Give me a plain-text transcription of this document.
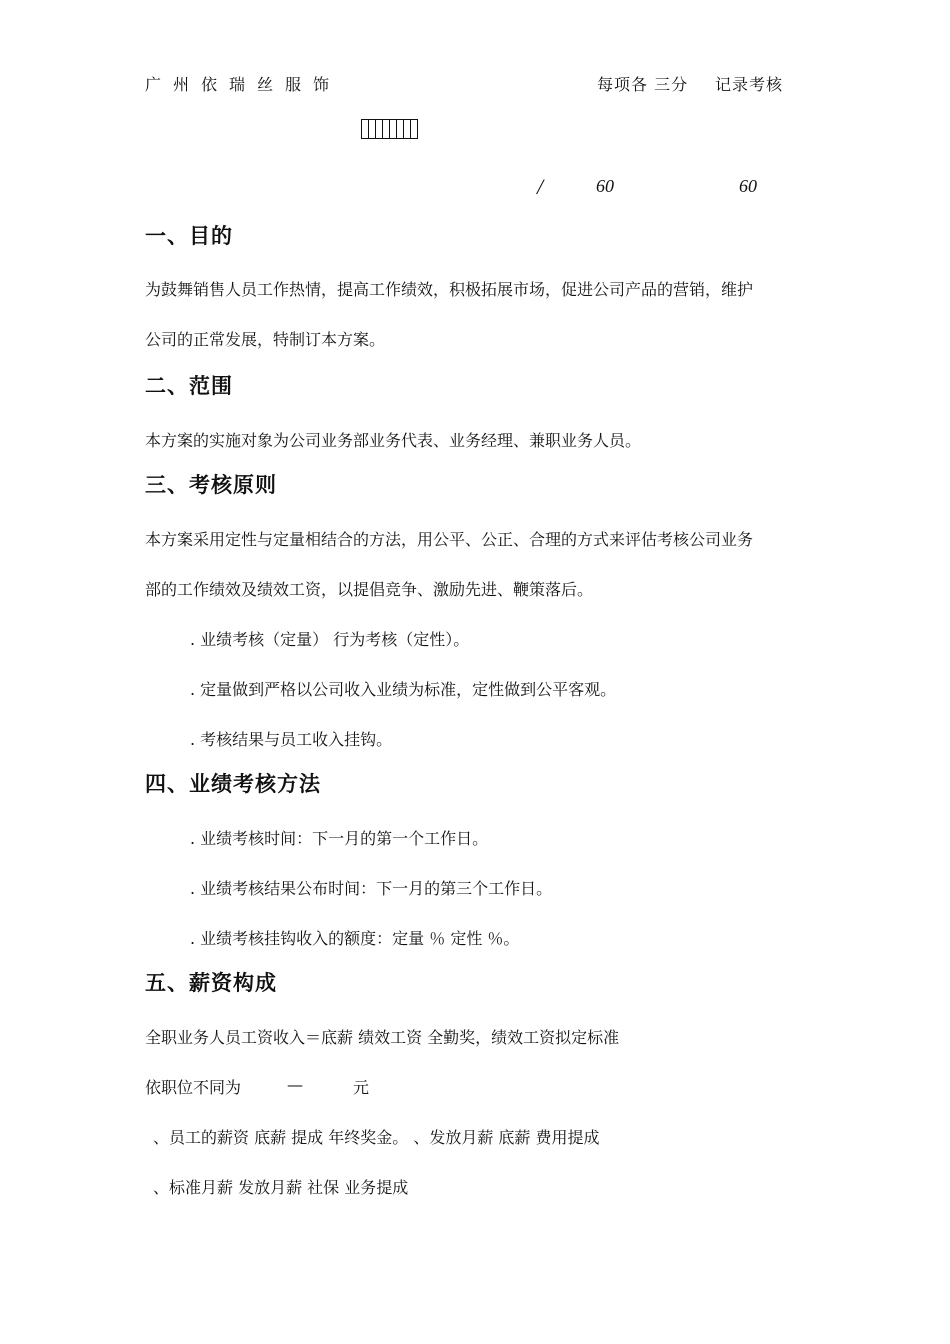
广州依瑞丝服饰	每项各 三分 记录考核
/	60	60
一、目的
为鼓舞销售人员工作热情，提高工作绩效，积极拓展市场，促进公司产品的营销，维护
公司的正常发展，特制订本方案。
二、范围
本方案的实施对象为公司业务部业务代表、业务经理、兼职业务人员。
三、考核原则
本方案采用定性与定量相结合的方法，用公平、公正、合理的方式来评估考核公司业务
部的工作绩效及绩效工资，以提倡竞争、激励先进、鞭策落后。
. 业绩考核（定量） 行为考核（定性）。
. 定量做到严格以公司收入业绩为标准，定性做到公平客观。
. 考核结果与员工收入挂钩。
四、业绩考核方法
. 业绩考核时间：下一月的第一个工作日。
. 业绩考核结果公布时间：下一月的第三个工作日。
. 业绩考核挂钩收入的额度：定量 ％ 定性 ％。
五、薪资构成
全职业务人员工资收入＝底薪 绩效工资 全勤奖，绩效工资拟定标准
依职位不同为	—	元
、员工的薪资 底薪 提成 年终奖金。 、发放月薪 底薪 费用提成
、标准月薪 发放月薪 社保 业务提成
